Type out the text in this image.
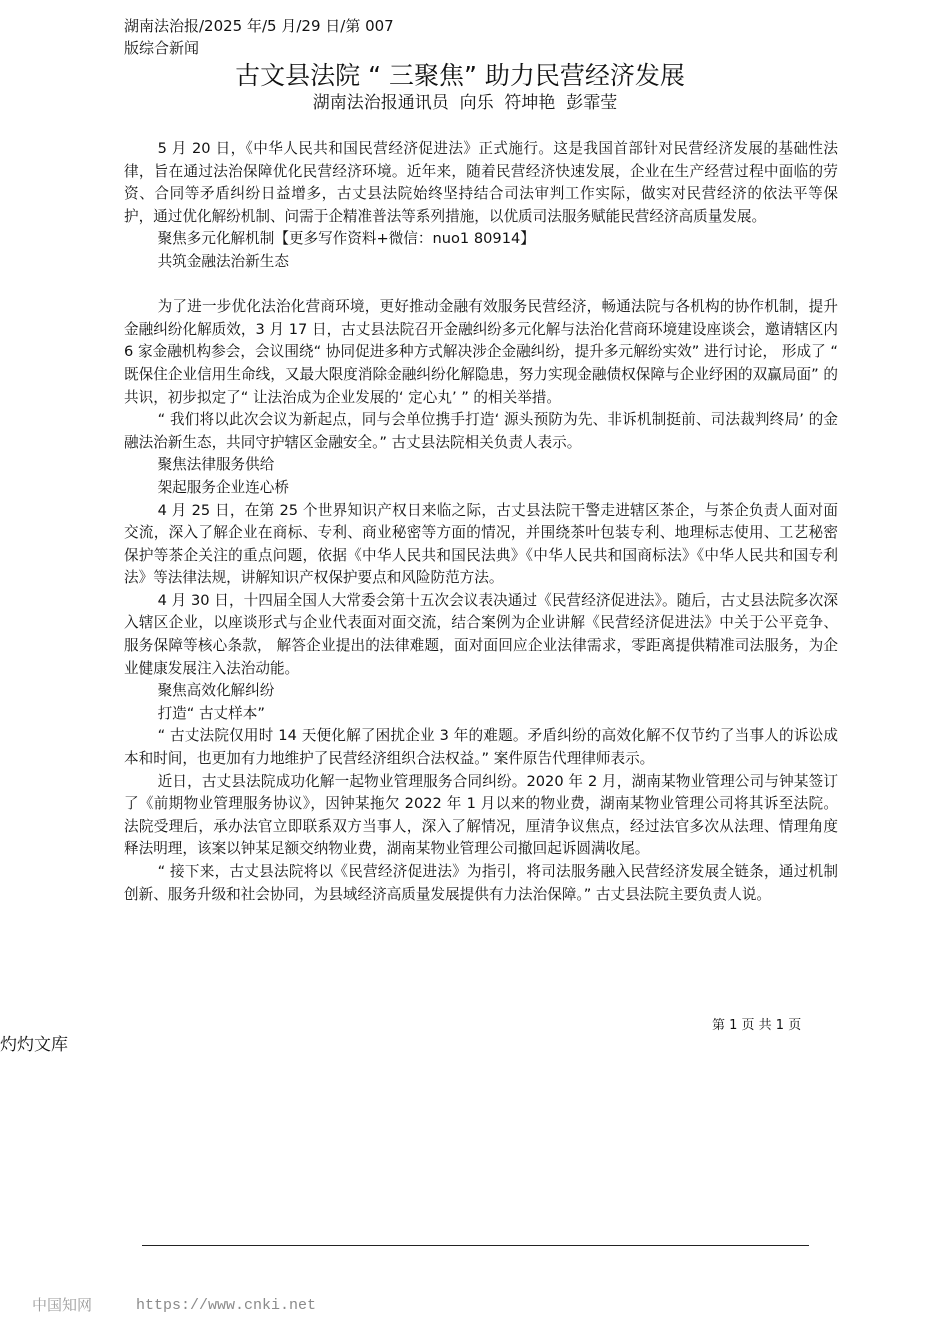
湖南法治报/2025 年/5 月/29 日/第 007
版综合新闻
古文县法院 “ 三聚焦” 助力民营经济发展
湖南法治报通讯员  向乐  符坤艳  彭霏莹

5 月 20 日，《中华人民共和国民营经济促进法》正式施行。这是我国首部针对民营经济发展的基础性法律，旨在通过法治保障优化民营经济环境。近年来，随着民营经济快速发展，企业在生产经营过程中面临的劳资、合同等矛盾纠纷日益增多，古丈县法院始终坚持结合司法审判工作实际，做实对民营经济的依法平等保护，通过优化解纷机制、问需于企精准普法等系列措施，以优质司法服务赋能民营经济高质量发展。

聚焦多元化解机制【更多写作资料+微信：nuo1 80914】

共筑金融法治新生态

为了进一步优化法治化营商环境，更好推动金融有效服务民营经济，畅通法院与各机构的协作机制，提升金融纠纷化解质效，3 月 17 日，古丈县法院召开金融纠纷多元化解与法治化营商环境建设座谈会，邀请辖区内 6 家金融机构参会，会议围绕“ 协同促进多种方式解决涉企金融纠纷，提升多元解纷实效” 进行讨论， 形成了 “ 既保住企业信用生命线，又最大限度消除金融纠纷化解隐患，努力实现金融债权保障与企业纾困的双赢局面” 的共识，初步拟定了“ 让法治成为企业发展的‘ 定心丸’ ” 的相关举措。

“ 我们将以此次会议为新起点，同与会单位携手打造‘ 源头预防为先、非诉机制挺前、司法裁判终局’ 的金融法治新生态，共同守护辖区金融安全。” 古丈县法院相关负责人表示。

聚焦法律服务供给

架起服务企业连心桥

4 月 25 日，在第 25 个世界知识产权日来临之际，古丈县法院干警走进辖区茶企，与茶企负责人面对面交流，深入了解企业在商标、专利、商业秘密等方面的情况，并围绕茶叶包装专利、地理标志使用、工艺秘密保护等茶企关注的重点问题，依据《中华人民共和国民法典》《中华人民共和国商标法》《中华人民共和国专利法》等法律法规，讲解知识产权保护要点和风险防范方法。

4 月 30 日，十四届全国人大常委会第十五次会议表决通过《民营经济促进法》。随后，古丈县法院多次深入辖区企业，以座谈形式与企业代表面对面交流，结合案例为企业讲解《民营经济促进法》中关于公平竞争、 服务保障等核心条款， 解答企业提出的法律难题，面对面回应企业法律需求，零距离提供精准司法服务，为企业健康发展注入法治动能。

聚焦高效化解纠纷

打造“ 古丈样本”

“ 古丈法院仅用时 14 天便化解了困扰企业 3 年的难题。矛盾纠纷的高效化解不仅节约了当事人的诉讼成本和时间，也更加有力地维护了民营经济组织合法权益。” 案件原告代理律师表示。

近日，古丈县法院成功化解一起物业管理服务合同纠纷。2020 年 2 月，湖南某物业管理公司与钟某签订了《前期物业管理服务协议》，因钟某拖欠 2022 年 1 月以来的物业费，湖南某物业管理公司将其诉至法院。法院受理后，承办法官立即联系双方当事人，深入了解情况，厘清争议焦点，经过法官多次从法理、情理角度释法明理，该案以钟某足额交纳物业费，湖南某物业管理公司撤回起诉圆满收尾。

“ 接下来，古丈县法院将以《民营经济促进法》为指引，将司法服务融入民营经济发展全链条，通过机制创新、服务升级和社会协同，为县域经济高质量发展提供有力法治保障。” 古丈县法院主要负责人说。

第 1 页 共 1 页
灼灼文库
中国知网	https://www.cnki.net
